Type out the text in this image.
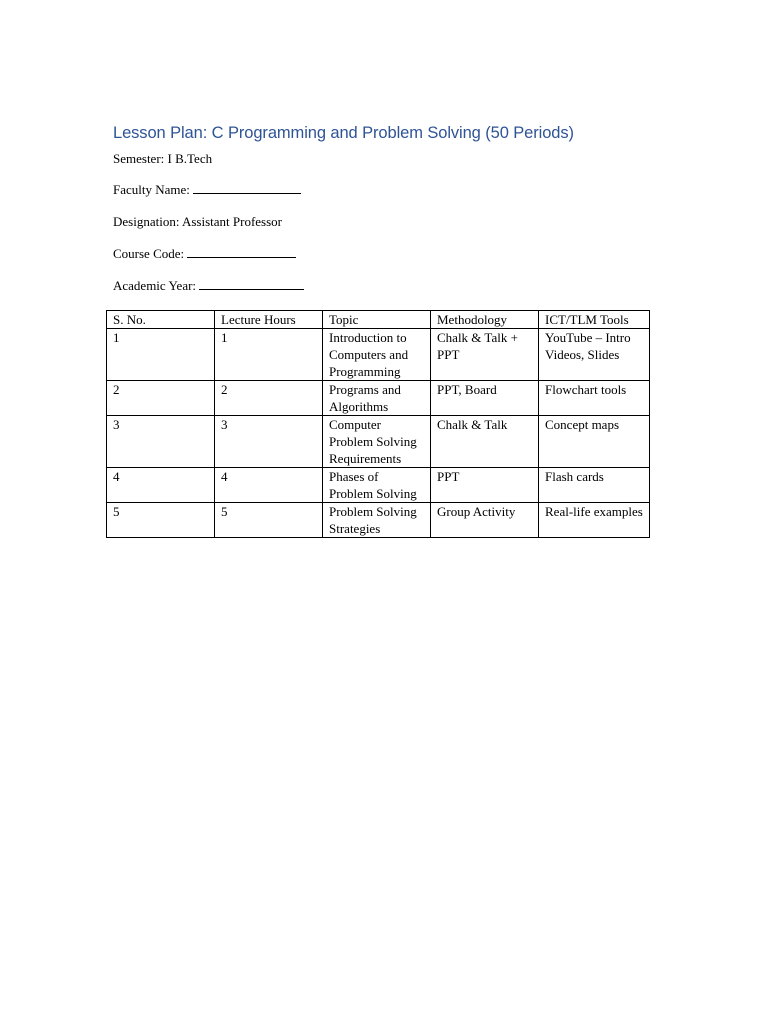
Lesson Plan: C Programming and Problem Solving (50 Periods)
Semester: I B.Tech
Faculty Name:
Designation: Assistant Professor
Course Code:
Academic Year:
S. No.	Lecture Hours	Topic	Methodology	ICT/TLM Tools
1	1	Introduction to Computers and Programming	Chalk & Talk + PPT	YouTube – Intro Videos, Slides
2	2	Programs and Algorithms	PPT, Board	Flowchart tools
3	3	Computer Problem Solving Requirements	Chalk & Talk	Concept maps
4	4	Phases of Problem Solving	PPT	Flash cards
5	5	Problem Solving Strategies	Group Activity	Real-life examples
